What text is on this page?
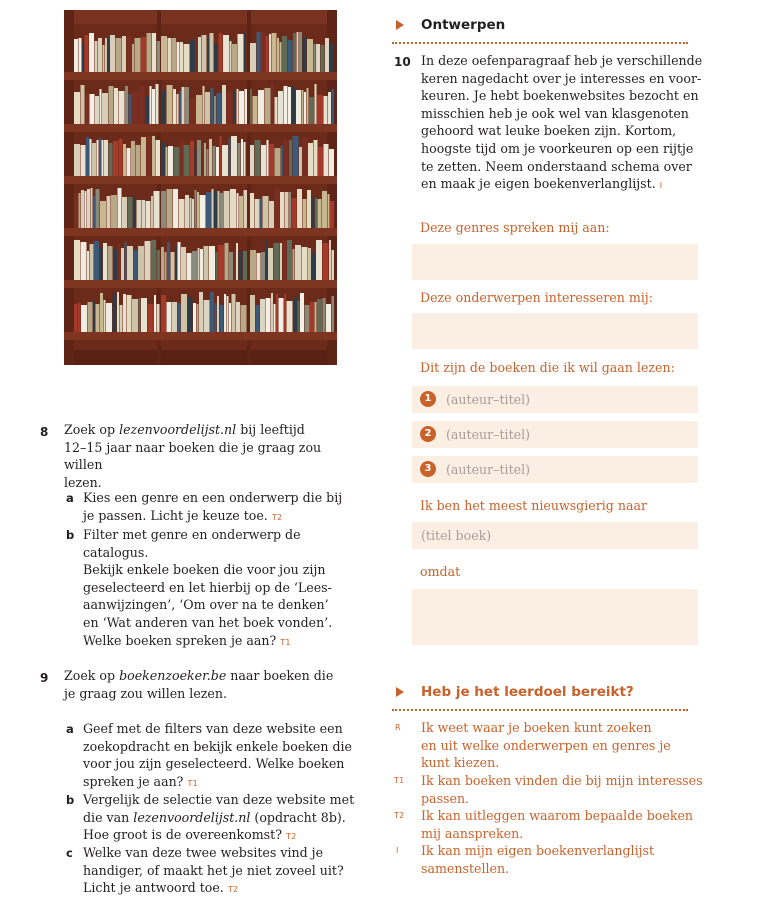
8 Zoek op lezenvoordelijst.nl bij leeftijd
12–15 jaar naar boeken die je graag zou willen
lezen.
a Kies een genre en een onderwerp die bij
je passen. Licht je keuze toe. T2
b Filter met genre en onderwerp de catalogus.
Bekijk enkele boeken die voor jou zijn
geselecteerd en let hierbij op de ‘Lees-
aanwijzingen’, ‘Om over na te denken’
en ‘Wat anderen van het boek vonden’.
Welke boeken spreken je aan? T1
9 Zoek op boekenzoeker.be naar boeken die
je graag zou willen lezen.
a Geef met de filters van deze website een
zoekopdracht en bekijk enkele boeken die
voor jou zijn geselecteerd. Welke boeken
spreken je aan? T1
b Vergelijk de selectie van deze website met
die van lezenvoordelijst.nl (opdracht 8b).
Hoe groot is de overeenkomst? T2
c Welke van deze twee websites vind je
handiger, of maakt het je niet zoveel uit?
Licht je antwoord toe. T2
Ontwerpen
10 In deze oefenparagraaf heb je verschillende
keren nagedacht over je interesses en voor-
keuren. Je hebt boekenwebsites bezocht en
misschien heb je ook wel van klasgenoten
gehoord wat leuke boeken zijn. Kortom,
hoogste tijd om je voorkeuren op een rijtje
te zetten. Neem onderstaand schema over
en maak je eigen boekenverlanglijst. I
Deze genres spreken mij aan:
Deze onderwerpen interesseren mij:
Dit zijn de boeken die ik wil gaan lezen:
1	(auteur–titel)
2	(auteur–titel)
3	(auteur–titel)
Ik ben het meest nieuwsgierig naar
(titel boek)
omdat
Heb je het leerdoel bereikt?
R Ik weet waar je boeken kunt zoeken
en uit welke onderwerpen en genres je
kunt kiezen.
T1 Ik kan boeken vinden die bij mijn interesses
passen.
T2 Ik kan uitleggen waarom bepaalde boeken
mij aanspreken.
I Ik kan mijn eigen boekenverlanglijst
samenstellen.
